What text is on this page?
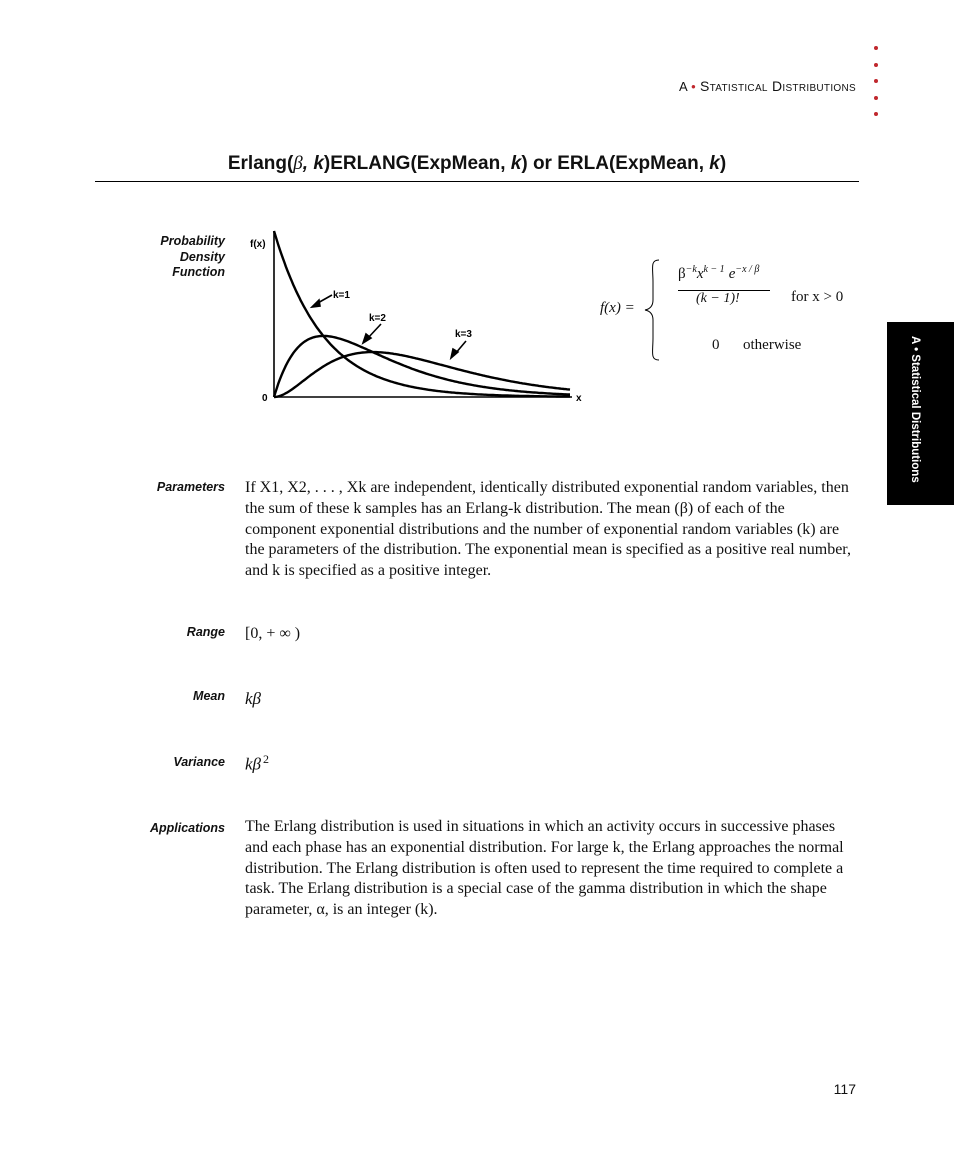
A • Statistical Distributions
A • Statistical Distributions
Erlang(β, k)ERLANG(ExpMean, k) or ERLA(ExpMean, k)
Probability
Density
Function
f(x)
x
0
k=1
k=2
k=3
f(x) =
$\beta^{-k}x^{k - 1}$ $e^{-x / \beta}$
(k − 1)!	for x > 0
0 otherwise
Parameters If X1, X2, . . . , Xk are independent, identically distributed exponential random variables, then the sum of these k samples has an Erlang-k distribution. The mean (β) of each of the component exponential distributions and the number of exponential random variables (k) are the parameters of the distribution. The exponential mean is specified as a positive real number, and k is specified as a positive integer.
Range [0, + ∞ )
Mean kβ
Variance kβ $^2$
Applications The Erlang distribution is used in situations in which an activity occurs in successive phases and each phase has an exponential distribution. For large k, the Erlang approaches the normal distribution. The Erlang distribution is often used to represent the time required to complete a task. The Erlang distribution is a special case of the gamma distribution in which the shape parameter, α, is an integer (k).
117
